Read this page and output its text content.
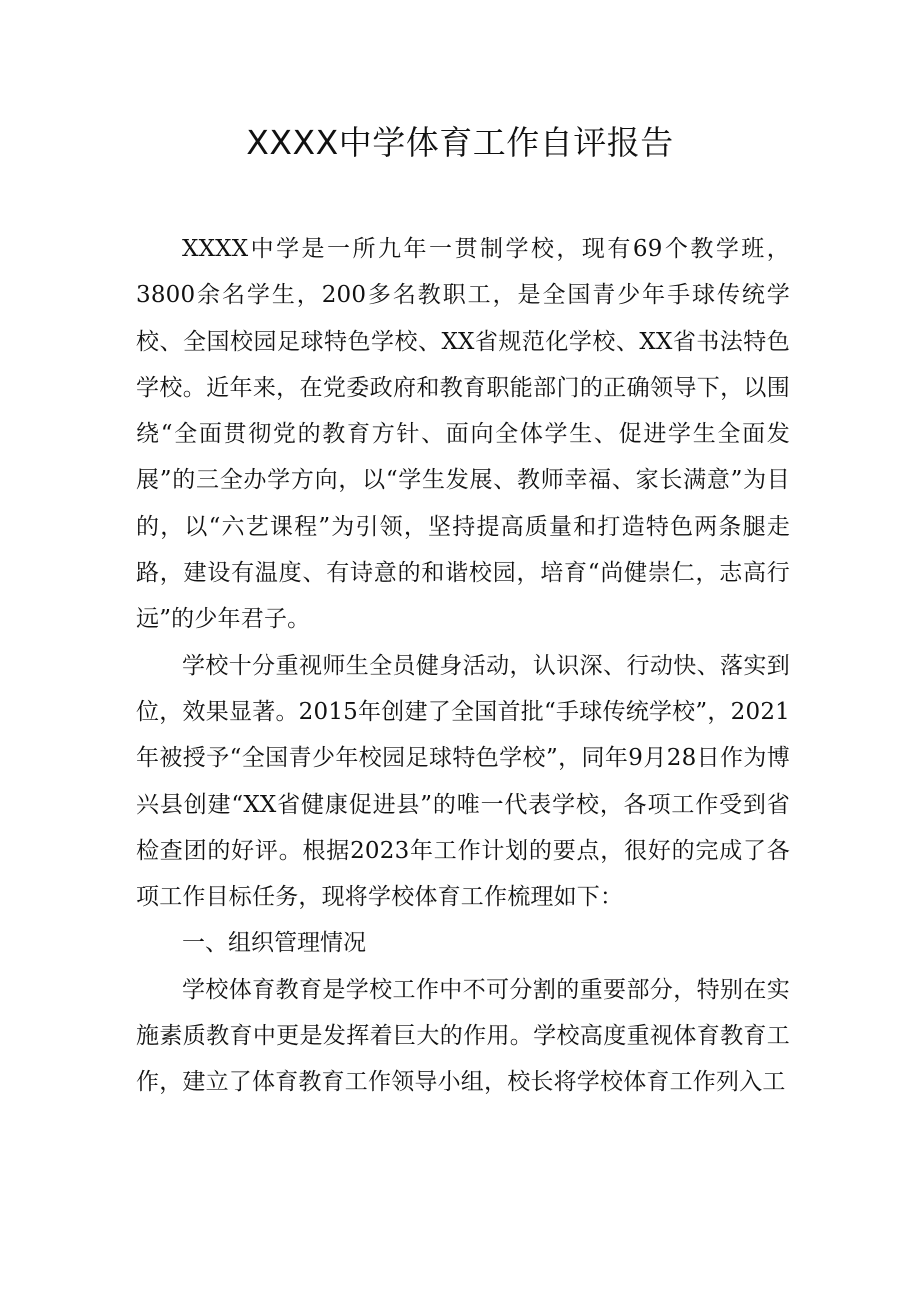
XXXX中学体育工作自评报告

XXXX中学是一所九年一贯制学校，现有69个教学班，3800余名学生，200多名教职工，是全国青少年手球传统学校、全国校园足球特色学校、XX省规范化学校、XX省书法特色学校。近年来，在党委政府和教育职能部门的正确领导下，以围绕“全面贯彻党的教育方针、面向全体学生、促进学生全面发展”的三全办学方向，以“学生发展、教师幸福、家长满意”为目的，以“六艺课程”为引领，坚持提高质量和打造特色两条腿走路，建设有温度、有诗意的和谐校园，培育“尚健崇仁，志高行远”的少年君子。

学校十分重视师生全员健身活动，认识深、行动快、落实到位，效果显著。2015年创建了全国首批“手球传统学校”，2021年被授予“全国青少年校园足球特色学校”，同年9月28日作为博兴县创建“XX省健康促进县”的唯一代表学校，各项工作受到省检查团的好评。根据2023年工作计划的要点，很好的完成了各项工作目标任务，现将学校体育工作梳理如下：

一、组织管理情况

学校体育教育是学校工作中不可分割的重要部分，特别在实施素质教育中更是发挥着巨大的作用。学校高度重视体育教育工作，建立了体育教育工作领导小组，校长将学校体育工作列入工
